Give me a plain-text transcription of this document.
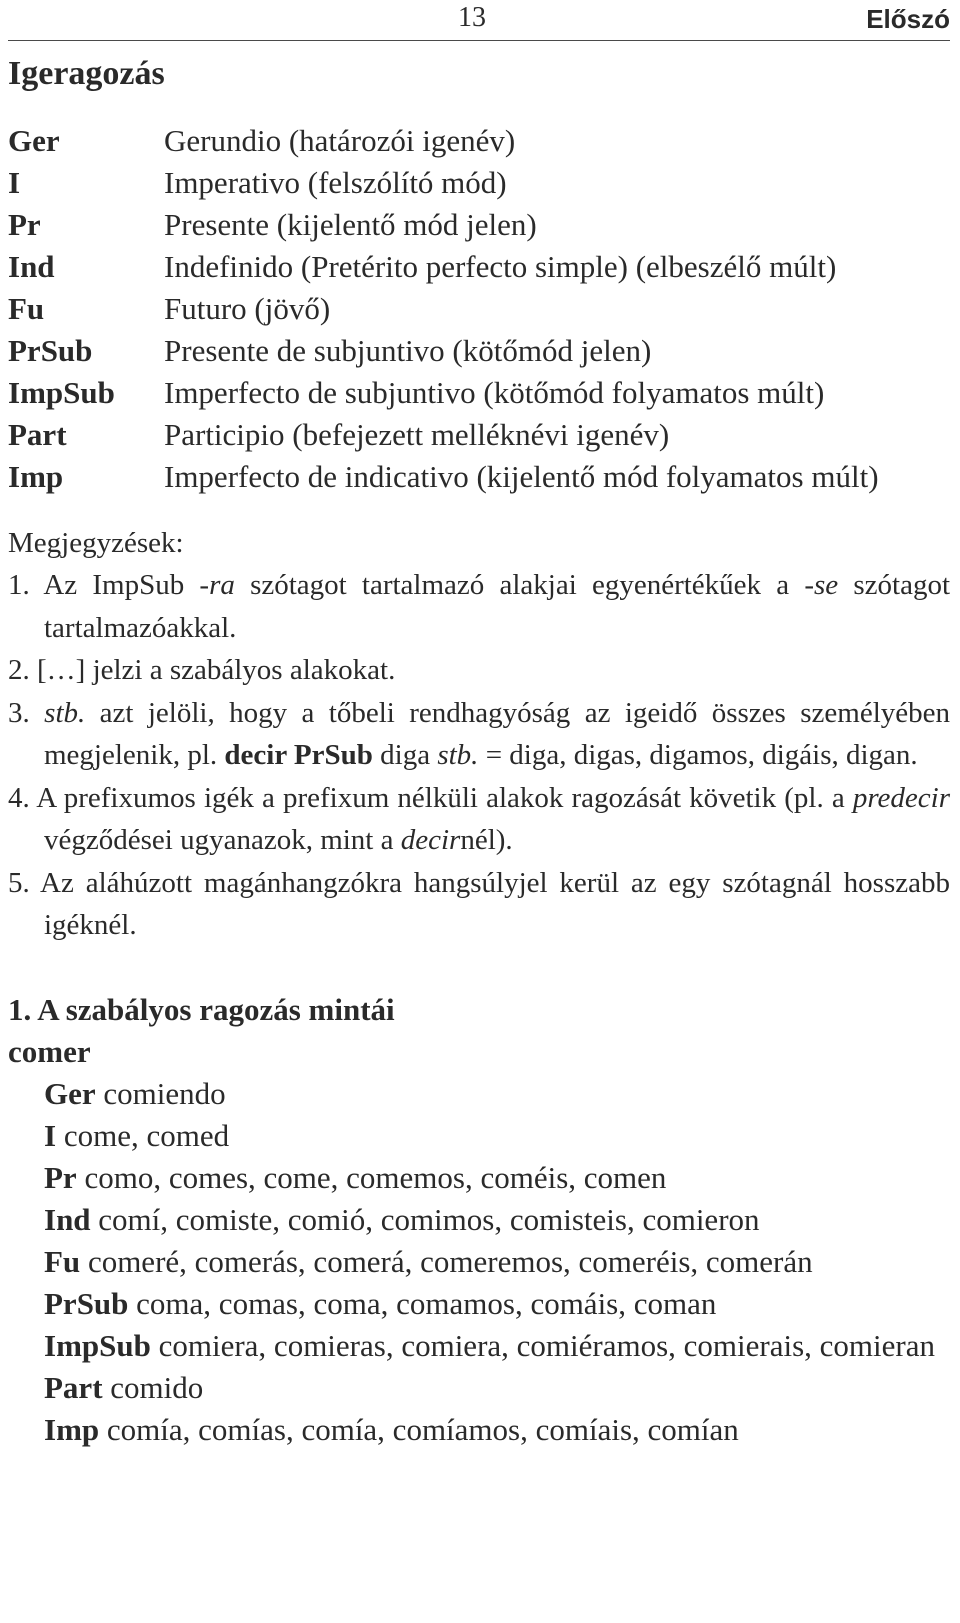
13	Előszó
Igeragozás
Ger	Gerundio (határozói igenév)
I	Imperativo (felszólító mód)
Pr	Presente (kijelentő mód jelen)
Ind	Indefinido (Pretérito perfecto simple) (elbeszélő múlt)
Fu	Futuro (jövő)
PrSub	Presente de subjuntivo (kötőmód jelen)
ImpSub	Imperfecto de subjuntivo (kötőmód folyamatos múlt)
Part	Participio (befejezett melléknévi igenév)
Imp	Imperfecto de indicativo (kijelentő mód folyamatos múlt)
Megjegyzések:
1. Az ImpSub -ra szótagot tartalmazó alakjai egyenértékűek a -se szótagot tartalmazóakkal.
2. […] jelzi a szabályos alakokat.
3. stb. azt jelöli, hogy a tőbeli rendhagyóság az igeidő összes személyében megjelenik, pl. decir PrSub diga stb. = diga, digas, digamos, digáis, digan.
4. A prefixumos igék a prefixum nélküli alakok ragozását követik (pl. a predecir végződései ugyanazok, mint a decirnél).
5. Az aláhúzott magánhangzókra hangsúlyjel kerül az egy szótagnál hosszabb igéknél.
1. A szabályos ragozás mintái
comer
Ger comiendo
I come, comed
Pr como, comes, come, comemos, coméis, comen
Ind comí, comiste, comió, comimos, comisteis, comieron
Fu comeré, comerás, comerá, comeremos, comeréis, comerán
PrSub coma, comas, coma, comamos, comáis, coman
ImpSub comiera, comieras, comiera, comiéramos, comierais, comieran
Part comido
Imp comía, comías, comía, comíamos, comíais, comían
